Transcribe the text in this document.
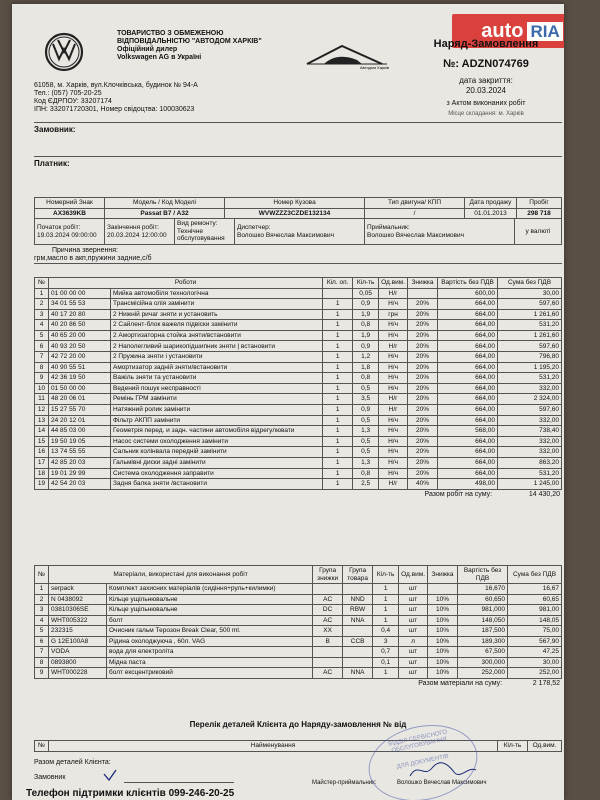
ТОВАРИСТВО З ОБМЕЖЕНОЮ
ВІДПОВІДАЛЬНІСТЮ "АВТОДОМ ХАРКІВ"
Офіційний дилер
Volkswagen AG в Україні
Автодом Харків
auto RIA
Наряд-Замовлення
№: ADZN074769
дата закриття:
20.03.2024
з Актом виконаних робіт
Місце складання: м. Харків
61058, м. Харків, вул.Клочківська, будинок № 94-А
Тел.: (057) 705-20-25
Код ЄДРПОУ: 33207174
ІПН: 332071720301, Номер свідоцтва: 100030623
Замовник:
Платник:
Номерний Знак	Модель / Код Моделі	Номер Кузова	Тип двигуна/ КПП	Дата продажу	Пробіг
AX3639KB	Passat B7 / A32	WVWZZZ3CZDE132134	/	01.01.2013	298 718
Початок робіт:
19.03.2024 09:00:00

Закінчення робіт:
20.03.2024 12:00:00

Вид ремонту:
Технічне обслуговування

Диспетчер:
Волошко Вячеслав Максимович

Приймальник:
Волошко Вячеслав Максимович
	у валюті
Причина звернення:
грм,масло в акп,пружини задние,с/б
№	Роботи		Кіл. оп.	Кіл-ть	Од.вим.	Знижка	Вартість без ПДВ	Сума без ПДВ
1	01 00 00 00	Мийка автомобіля технологічна		0,05	Н/г		600,00	30,00
2	34 01 55 53	Трансмісійна олія замінити	1	0,9	Н/ч	20%	664,00	597,60
3	40 17 20 80	2 Нижній ричаг зняти и установить	1	1,9	грн	20%	664,00	1 261,60
4	40 20 86 50	2 Сайлент-блок важеля підвіски замінити	1	0,8	Н/ч	20%	664,00	531,20
5	40 65 20 00	2 Амортизаторна стойка зняти/встановити	1	1,9	Н/ч	20%	664,00	1 261,60
6	40 93 20 50	2 Наполегливий шарикопідшипник зняти | встановити	1	0,9	Н/г	20%	664,00	597,60
7	42 72 20 00	2 Пружина зняти і установити	1	1,2	Н/ч	20%	664,00	796,80
8	40 90 55 51	Амортизатор задній зняти/встановити	1	1,8	Н/ч	20%	664,00	1 195,20
9	42 36 19 50	Важіль зняти та установити	1	0,8	Н/ч	20%	664,00	531,20
10	01 50 00 00	Ведений пошук несправності	1	0,5	Н/ч	20%	664,00	332,00
11	48 20 06 01	Ремінь ГРМ замінити	1	3,5	Н/г	20%	664,00	2 324,00
12	15 27 55 70	Натяжний ролик замінити	1	0,9	Н/г	20%	664,00	597,60
13	24 20 12 01	Фільтр АКПП замінити	1	0,5	Н/ч	20%	664,00	332,00
14	44 85 03 00	Геометрія перед. и задн. частини автомобіля відрегулювати	1	1,3	Н/ч	20%	568,00	738,40
15	19 50 19 05	Насос системи охолодження замінити	1	0,5	Н/ч	20%	664,00	332,00
16	13 74 55 55	Сальник колінвала передній замінити	1	0,5	Н/ч	20%	664,00	332,00
17	42 85 20 03	Гальмівні диски задні замінити	1	1,3	Н/ч	20%	664,00	863,20
18	19 01 29 99	Система охолодження заправити	1	0,8	Н/ч	20%	664,00	531,20
19	42 54 20 03	Задня балка зняти /встановити	1	2,5	Н/г	40%	498,00	1 245,00
Разом робіт на суму:	14 430,20
№	Матеріали, використані для виконання робіт		Група знижки	Група товара	Кіл-ть	Од.вим.	Знижка	Вартість без ПДВ	Сума без ПДВ
1	serpack	Комплект захисних матеріалів (сидіння+руль+килимки)			1	шт		16,670	16,67
2	N 0438092	Кільце ущільнювальне	AC	NND	1	шт	10%	60,650	60,65
3	03810306SE	Кільце ущільнювальне	DC	RBW	1	шт	10%	981,000	981,00
4	WHT005322	болт	AC	NNA	1	шт	10%	148,050	148,05
5	232315	Очисник гальм Терозон Break Clear, 500 ml.	XX		0,4	шт	10%	187,500	75,00
6	G 12E100A8	Рідина охолоджуюча , 60л. VAG	B	CCB	3	л	10%	189,300	567,90
7	VODA	вода для електроліта			0,7	шт	10%	67,500	47,25
8	0893800	Мідна паста			0,1	шт	10%	300,000	30,00
9	WHT000228	болт ексцентриковий	AC	NNA	1	шт	10%	252,000	252,00
Разом матеріали на суму:	2 178,52
Перелік деталей Клієнта до Наряду-замовлення № від
№	Найменування	Кіл-ть	Од.вим.
Разом деталей Клієнта:
Замовник
Майстер-приймальник:	Волошко Вячеслав Максимович
ВІДДІЛ СЕРВІСНОГО ОБСЛУГОВУВАННЯ
ДЛЯ ДОКУМЕНТІВ
Телефон підтримки клієнтів 099-246-20-25
